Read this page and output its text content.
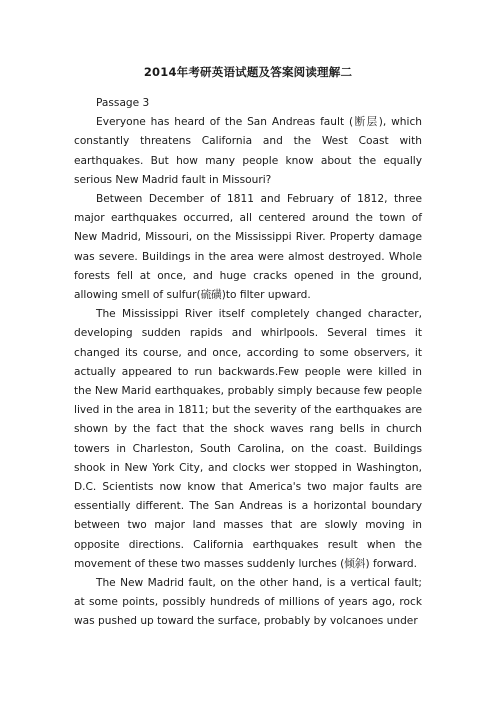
2014年考研英语试题及答案阅读理解二

Passage 3

Everyone has heard of the San Andreas fault (断层), which constantly threatens California and the West Coast with earthquakes. But how many people know about the equally serious New Madrid fault in Missouri?

Between December of 1811 and February of 1812, three major earthquakes occurred, all centered around the town of New Madrid, Missouri, on the Mississippi River. Property damage was severe. Buildings in the area were almost destroyed. Whole forests fell at once, and huge cracks opened in the ground, allowing smell of sulfur(硫磺)to filter upward.

The Mississippi River itself completely changed character, developing sudden rapids and whirlpools. Several times it changed its course, and once, according to some observers, it actually appeared to run backwards.Few people were killed in the New Marid earthquakes, probably simply because few people lived in the area in 1811; but the severity of the earthquakes are shown by the fact that the shock waves rang bells in church towers in Charleston, South Carolina, on the coast. Buildings shook in New York City, and clocks wer stopped in Washington, D.C. Scientists now know that America's two major faults are essentially different. The San Andreas is a horizontal boundary between two major land masses that are slowly moving in opposite directions. California earthquakes result when the movement of these two masses suddenly lurches (倾斜) forward.

The New Madrid fault, on the other hand, is a vertical fault; at some points, possibly hundreds of millions of years ago, rock was pushed up toward the surface, probably by volcanoes under
